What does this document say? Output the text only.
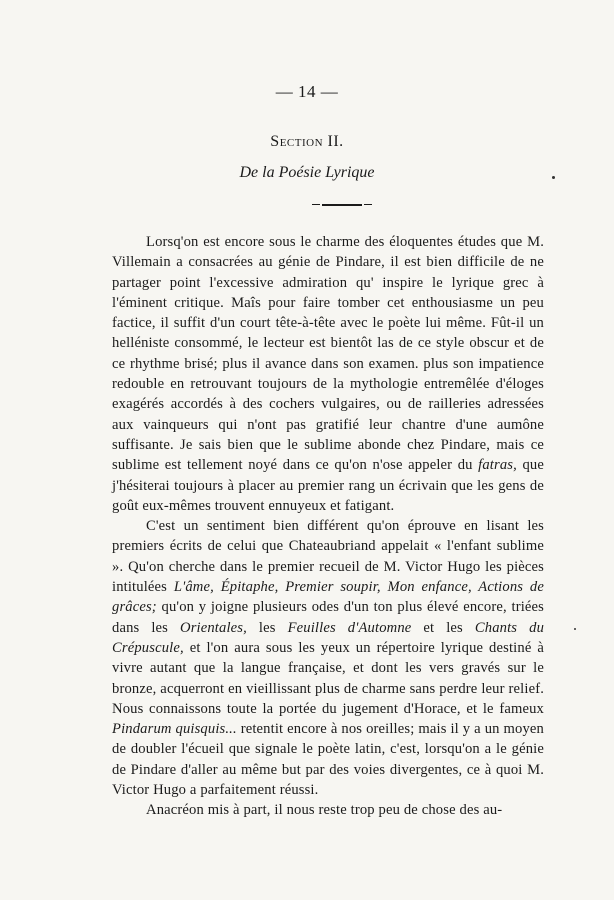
— 14 —
Section II.
De la Poésie Lyrique

Lorsq'on est encore sous le charme des éloquentes études que M. Villemain a consacrées au génie de Pindare, il est bien difficile de ne partager point l'excessive admiration qu' inspire le lyrique grec à l'éminent critique. Maîs pour faire tomber cet enthousiasme un peu factice, il suffit d'un court tête-à-tête avec le poète lui même. Fût-il un helléniste consommé, le lecteur est bientôt las de ce style obscur et de ce rhythme brisé; plus il avance dans son examen. plus son impatience redouble en retrouvant toujours de la mythologie entremêlée d'éloges exagérés accordés à des cochers vulgaires, ou de railleries adressées aux vainqueurs qui n'ont pas gratifié leur chantre d'une aumône suffisante. Je sais bien que le sublime abonde chez Pindare, mais ce sublime est tellement noyé dans ce qu'on n'ose appeler du fatras, que j'hésiterai toujours à placer au premier rang un écrivain que les gens de goût eux-mêmes trouvent ennuyeux et fatigant.

C'est un sentiment bien différent qu'on éprouve en lisant les premiers écrits de celui que Chateaubriand appelait « l'enfant sublime ». Qu'on cherche dans le premier recueil de M. Victor Hugo les pièces intitulées L'âme, Épitaphe, Premier soupir, Mon enfance, Actions de grâces; qu'on y joigne plusieurs odes d'un ton plus élevé encore, triées dans les Orientales, les Feuilles d'Automne et les Chants du Crépuscule, et l'on aura sous les yeux un répertoire lyrique destiné à vivre autant que la langue française, et dont les vers gravés sur le bronze, acquerront en vieillissant plus de charme sans perdre leur relief. Nous connaissons toute la portée du jugement d'Horace, et le fameux Pindarum quisquis... retentit encore à nos oreilles; mais il y a un moyen de doubler l'écueil que signale le poète latin, c'est, lorsqu'on a le génie de Pindare d'aller au même but par des voies divergentes, ce à quoi M. Victor Hugo a parfaitement réussi.

Anacréon mis à part, il nous reste trop peu de chose des au-
